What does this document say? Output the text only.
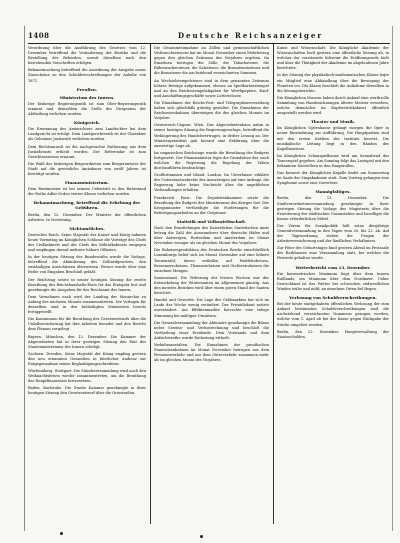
1408	Deutsche Reichsanzeiger

Verordnung über die Ausführung des Gesetzes vom 12. Dezember betreffend die Veränderung der Bezirke und die Bestellung der Behörden, soweit dieselben nach den bestehenden Vorschriften erfolgen.

Bekanntmachung betreffend die Anordnung der Ausgabe neuer Zinsscheine zu den Schuldverschreibungen der Anleihe von 1871.

Preußen.
Ministerium des Innern.

Der bisherige Regierungsrath ist zum Ober-Regierungsrath ernannt und demselben die Stelle des Dirigenten der Abtheilung verliehen worden.

Königreich.

Die Ernennung des Amtsrichters zum Landrichter bei dem Landgericht ist erfolgt. Dem Landgerichtsrath ist der Charakter als Geheimer Justizrath verliehen worden.

Dem Rechtsanwalt ist die nachgesuchte Entlassung aus dem Justizdienste ertheilt worden. Der Referendar ist zum Gerichtsassessor ernannt.

Die Wahl des bisherigen Beigeordneten zum Bürgermeister der Stadt auf die gesetzliche Amtsdauer von zwölf Jahren ist bestätigt worden.

Finanzministerium.

Dem Rentmeister ist bei seinem Uebertritt in den Ruhestand der Rothe Adler-Orden vierter Klasse verliehen worden.

Bekanntmachung, betreffend die Erhebung der Gebühren.

Berlin, den 12. Dezember. Der Minister der öffentlichen Arbeiten. In Vertretung.

Nichtamtliches.

Deutsches Reich. Seine Majestät der Kaiser und König nahmen heute Vormittag im Königlichen Schlosse die Vorträge des Chefs des Civilkabinets und des Chefs des Militärkabinets entgegen und empfingen darauf mehrere höhere Offiziere.

In der heutigen Sitzung des Bundesraths wurde die Vorlage, betreffend die Abänderung des Zolltarifgesetzes, den zuständigen Ausschüssen überwiesen. Ferner wurde über eine Reihe von Eingaben Beschluß gefaßt.

Der Reichstag setzte in seiner heutigen Sitzung die zweite Berathung des Reichshaushalts-Etats für das Etatsjahr fort und genehmigte die Ausgaben für das Reichsamt des Innern.

Dem Vernehmen nach wird der Landtag der Monarchie zu Anfang des nächsten Monats zusammentreten. Die Vorlagen für denselben sind in den betheiligten Ministerien bereits fertiggestellt.

Die Kommission für die Berathung des Gesetzentwurfs über die Unfallversicherung hat ihre Arbeiten beendet und den Bericht dem Plenum vorgelegt.

Bayern. München, den 12. Dezember. Die Kammer der Abgeordneten hat in ihrer gestrigen Sitzung den Etat des Staatsministeriums des Innern erledigt.

Sachsen. Dresden. Seine Majestät der König empfing gestern den neu ernannten Gesandten in feierlicher Audienz zur Entgegennahme seines Beglaubigungsschreibens.

Württemberg. Stuttgart. Die Ständeversammlung wird nach den Weihnachtsferien wieder zusammentreten, um die Berathung des Hauptfinanzetats fortzusetzen.

Baden. Karlsruhe. Die Zweite Kammer genehmigte in ihrer heutigen Sitzung den Gesetzentwurf über die Ortsstraßen.

Die Gesammteinnahme an Zöllen und gemeinschaftlichen Verbrauchssteuern hat im Monat November einen Mehrbetrag gegen den gleichen Zeitraum des Vorjahres ergeben. Im Einzelnen betrugen die Zölle, die Tabacksteuer, die Rübenzuckersteuer, die Salzsteuer, die Branntweinsteuer und die Brausteuer die nachstehend verzeichneten Summen.

An Wechselstempelsteuer sind in dem genannten Zeitraum höhere Beträge aufgekommen, ebenso an Spielkartenstempel und an den Reichsstempelabgaben für Werthpapiere, Kauf- und Anschaffungsgeschäfte sowie Lotterieloose.

Die Einnahmen der Reichs-Post- und Telegraphenverwaltung haben sich gleichfalls günstig gestaltet. Die Einnahmen der Reichseisenbahnen übersteigen die des gleichen Monats im Vorjahre.

Oesterreich-Ungarn. Wien. Das Abgeordnetenhaus nahm in seiner heutigen Sitzung die Regierungsvorlage, betreffend die Verlängerung des Handelsvertrages, in dritter Lesung an. Der Ministerpräsident gab hierauf eine Erklärung über die auswärtige Lage ab.

Im ungarischen Reichstage wurde die Berathung des Budgets fortgesetzt. Der Finanzminister legte die Grundsätze dar, nach welchen die Regierung die Regelung der Valuta durchzuführen beabsichtige.

Großbritannien und Irland. London. Im Unterhause erklärte der Unterstaatssekretär des Auswärtigen auf eine Anfrage, die Regierung habe keine Nachricht über die angeblichen Verhandlungen erhalten.

Frankreich. Paris. Die Deputirtenkammer setzte die Berathung des Budgets des Ministeriums des Krieges fort. Der Kriegsminister vertheidigte die Forderungen für die Befestigungsarbeiten an der Ostgrenze.

Statistik und Volkswirthschaft.

Nach den Ermittelungen des Kaiserlichen Statistischen Amts betrug die Zahl der Auswanderer über deutsche Häfen und über Antwerpen, Rotterdam und Amsterdam im Monat November weniger als im gleichen Monat des Vorjahres.

Die Roheisenproduktion des Deutschen Reichs einschließlich Luxemburgs belief sich im Monat November auf eine höhere Tonnenzahl; davon entfallen auf Puddelroheisen, Bessemerroheisen, Thomasroheisen und Gießereiroheisen die einzelnen Mengen.

Saatenstand. Die Witterung der letzten Wochen war der Entwickelung der Wintersaaten im Allgemeinen günstig. Aus den meisten Bezirken wird über einen guten Stand der Saaten berichtet.

Handel und Gewerbe. Die Lage des Geldmarktes hat sich im Laufe der Woche wenig verändert. Der Privatdiskont notirte unverändert. Am Effektenmarkte herrschte eine ruhige Stimmung bei mäßigen Umsätzen.

Die Generalversammlung der Aktionäre genehmigte die Bilanz nebst Gewinn- und Verlustrechnung und beschloß die Vertheilung einer Dividende. Dem Vorstande und dem Aufsichtsrathe wurde Entlastung ertheilt.

Verkehrsanstalten. Die Einnahmen der preußischen Staatseisenbahnen im Monat November betrugen aus dem Personenverkehr und aus dem Güterverkehr zusammen mehr als im gleichen Monat des Vorjahres.

Kunst und Wissenschaft. Die Königliche Akademie der Wissenschaften hielt gestern eine öffentliche Sitzung ab, in welcher der vorsitzende Sekretar die Eröffnungsrede hielt und über die Thätigkeit der Akademie im abgelaufenen Jahre berichtete.

In der Sitzung der physikalisch-mathematischen Klasse legte ein Mitglied eine Abhandlung über die Bewegung der Planeten vor. Die Klasse beschloß die Aufnahme derselben in die Sitzungsberichte.

Die Königlichen Museen haben durch Ankauf eine werthvolle Sammlung von Handzeichnungen älterer Meister erworben, welche demnächst im Kupferstichkabinet öffentlich ausgestellt werden wird.

Theater und Musik.

Im Königlichen Opernhause gelangt morgen die Oper in neuer Einstudirung zur Aufführung. Die Hauptpartien sind mit den ersten Kräften des Instituts besetzt. Die musikalische Leitung liegt in den Händen des Kapellmeisters.

Im Königlichen Schauspielhause wird am Sonnabend das Trauerspiel gegeben. Am Sonntag folgt das Lustspiel mit den bekannten Darstellern in den Hauptrollen.

Das Konzert der Königlichen Kapelle findet am Donnerstag im Saale der Singakademie statt. Zum Vortrag gelangen eine Symphonie sowie eine Ouvertüre.

Mannigfaltiges.

Berlin, den 13. Dezember. Die Stadtverordnetenversammlung genehmigte in ihrer gestrigen Sitzung die Vorlage des Magistrats über die Erweiterung der städtischen Gasanstalten und bewilligte die hierzu erforderlichen Mittel.

Der Verein für Sozialpolitik hält seine diesjährige Generalversammlung in den Tagen vom 20. bis 22. ab. Auf der Tagesordnung stehen die Fragen der Arbeiterversicherung und der ländlichen Verhältnisse.

Zur Feier des Geburtstages fand gestern Abend im Festsaale des Rathhauses eine Versammlung statt, bei welcher die Festrede gehalten wurde.

Wetterbericht vom 13. Dezember.

Ein barometrisches Maximum liegt über dem Innern Rußlands, ein Minimum über dem Nordmeer. Ueber Deutschland ist das Wetter bei schwachen südwestlichen Winden trübe und mild; an einzelnen Orten fiel Regen.

Verlosung von Schuldverschreibungen.

Bei der heute stattgehabten öffentlichen Verlosung der zum Ankauf bestimmten Schuldverschreibungen sind die nachstehend verzeichneten Nummern gezogen worden, welche vom 1. April ab bei der Kasse gegen Rückgabe der Stücke eingelöst werden.

Berlin, den 12. Dezember. Hauptverwaltung der Staatsschulden.
